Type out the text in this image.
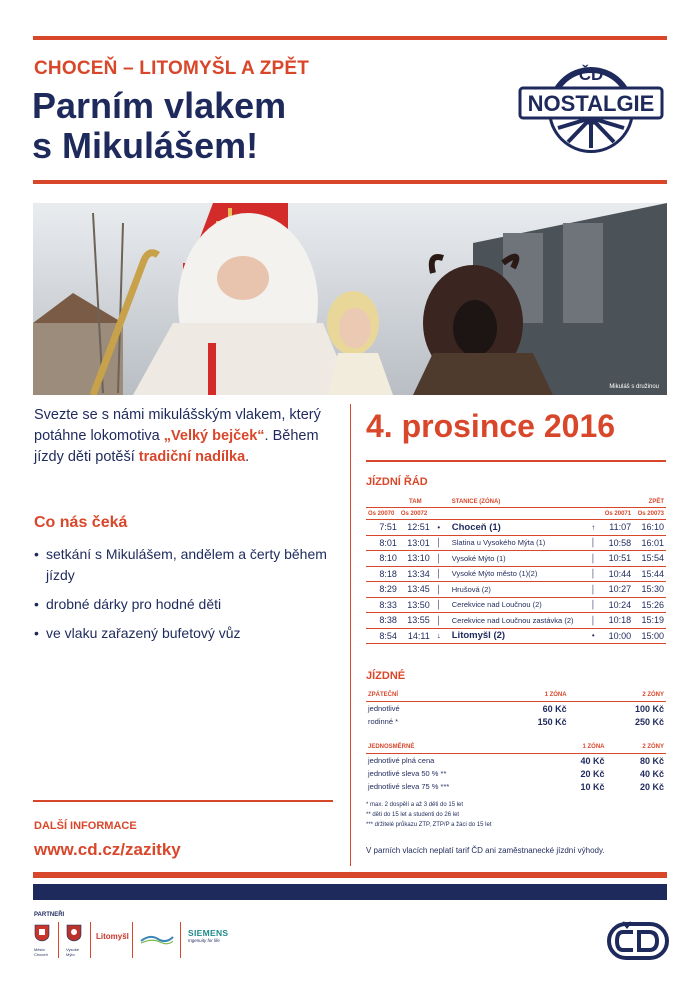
CHOCEŇ – LITOMYŠL A ZPĚT
Parním vlakem
s Mikulášem!
ČD
NOSTALGIE
Mikuláš s družinou
Svezte se s námi mikulášským vlakem, který potáhne lokomotiva „Velký bejček“. Během jízdy děti potěší tradiční nadílka.
Co nás čeká
• setkání s Mikulášem, andělem a čerty během jízdy
• drobné dárky pro hodné děti
• ve vlaku zařazený bufetový vůz
4. prosince 2016
JÍZDNÍ ŘÁD
	TAM		STANICE (ZÓNA)			ZPĚT
Os 20070	Os 20072				Os 20071	Os 20073
7:51	12:51	•	Choceň (1)	↑	11:07	16:10
8:01	13:01	│	Slatina u Vysokého Mýta (1)	│	10:58	16:01
8:10	13:10	│	Vysoké Mýto (1)	│	10:51	15:54
8:18	13:34	│	Vysoké Mýto město (1)(2)	│	10:44	15:44
8:29	13:45	│	Hrušová (2)	│	10:27	15:30
8:33	13:50	│	Cerekvice nad Loučnou (2)	│	10:24	15:26
8:38	13:55	│	Cerekvice nad Loučnou zastávka (2)	│	10:18	15:19
8:54	14:11	↓	Litomyšl (2)	•	10:00	15:00
JÍZDNÉ
ZPÁTEČNÍ	1 ZÓNA	2 ZÓNY
jednotlivé	60 Kč	100 Kč
rodinné *	150 Kč	250 Kč
JEDNOSMĚRNÉ	1 ZÓNA	2 ZÓNY
jednotlivé plná cena	40 Kč	80 Kč
jednotlivé sleva 50 % **	20 Kč	40 Kč
jednotlivé sleva 75 % ***	10 Kč	20 Kč
* max. 2 dospělí a až 3 děti do 15 let
** děti do 15 let a studenti do 26 let
*** držitelé průkazu ZTP, ZTP/P a žáci do 15 let
V parních vlacích neplatí tarif ČD ani zaměstnanecké jízdní výhody.
DALŠÍ INFORMACE
www.cd.cz/zazitky
PARTNEŘI
Město Choceň
Vysoké Mýto
Litomyšl	SIEMENS
Ingenuity for life
